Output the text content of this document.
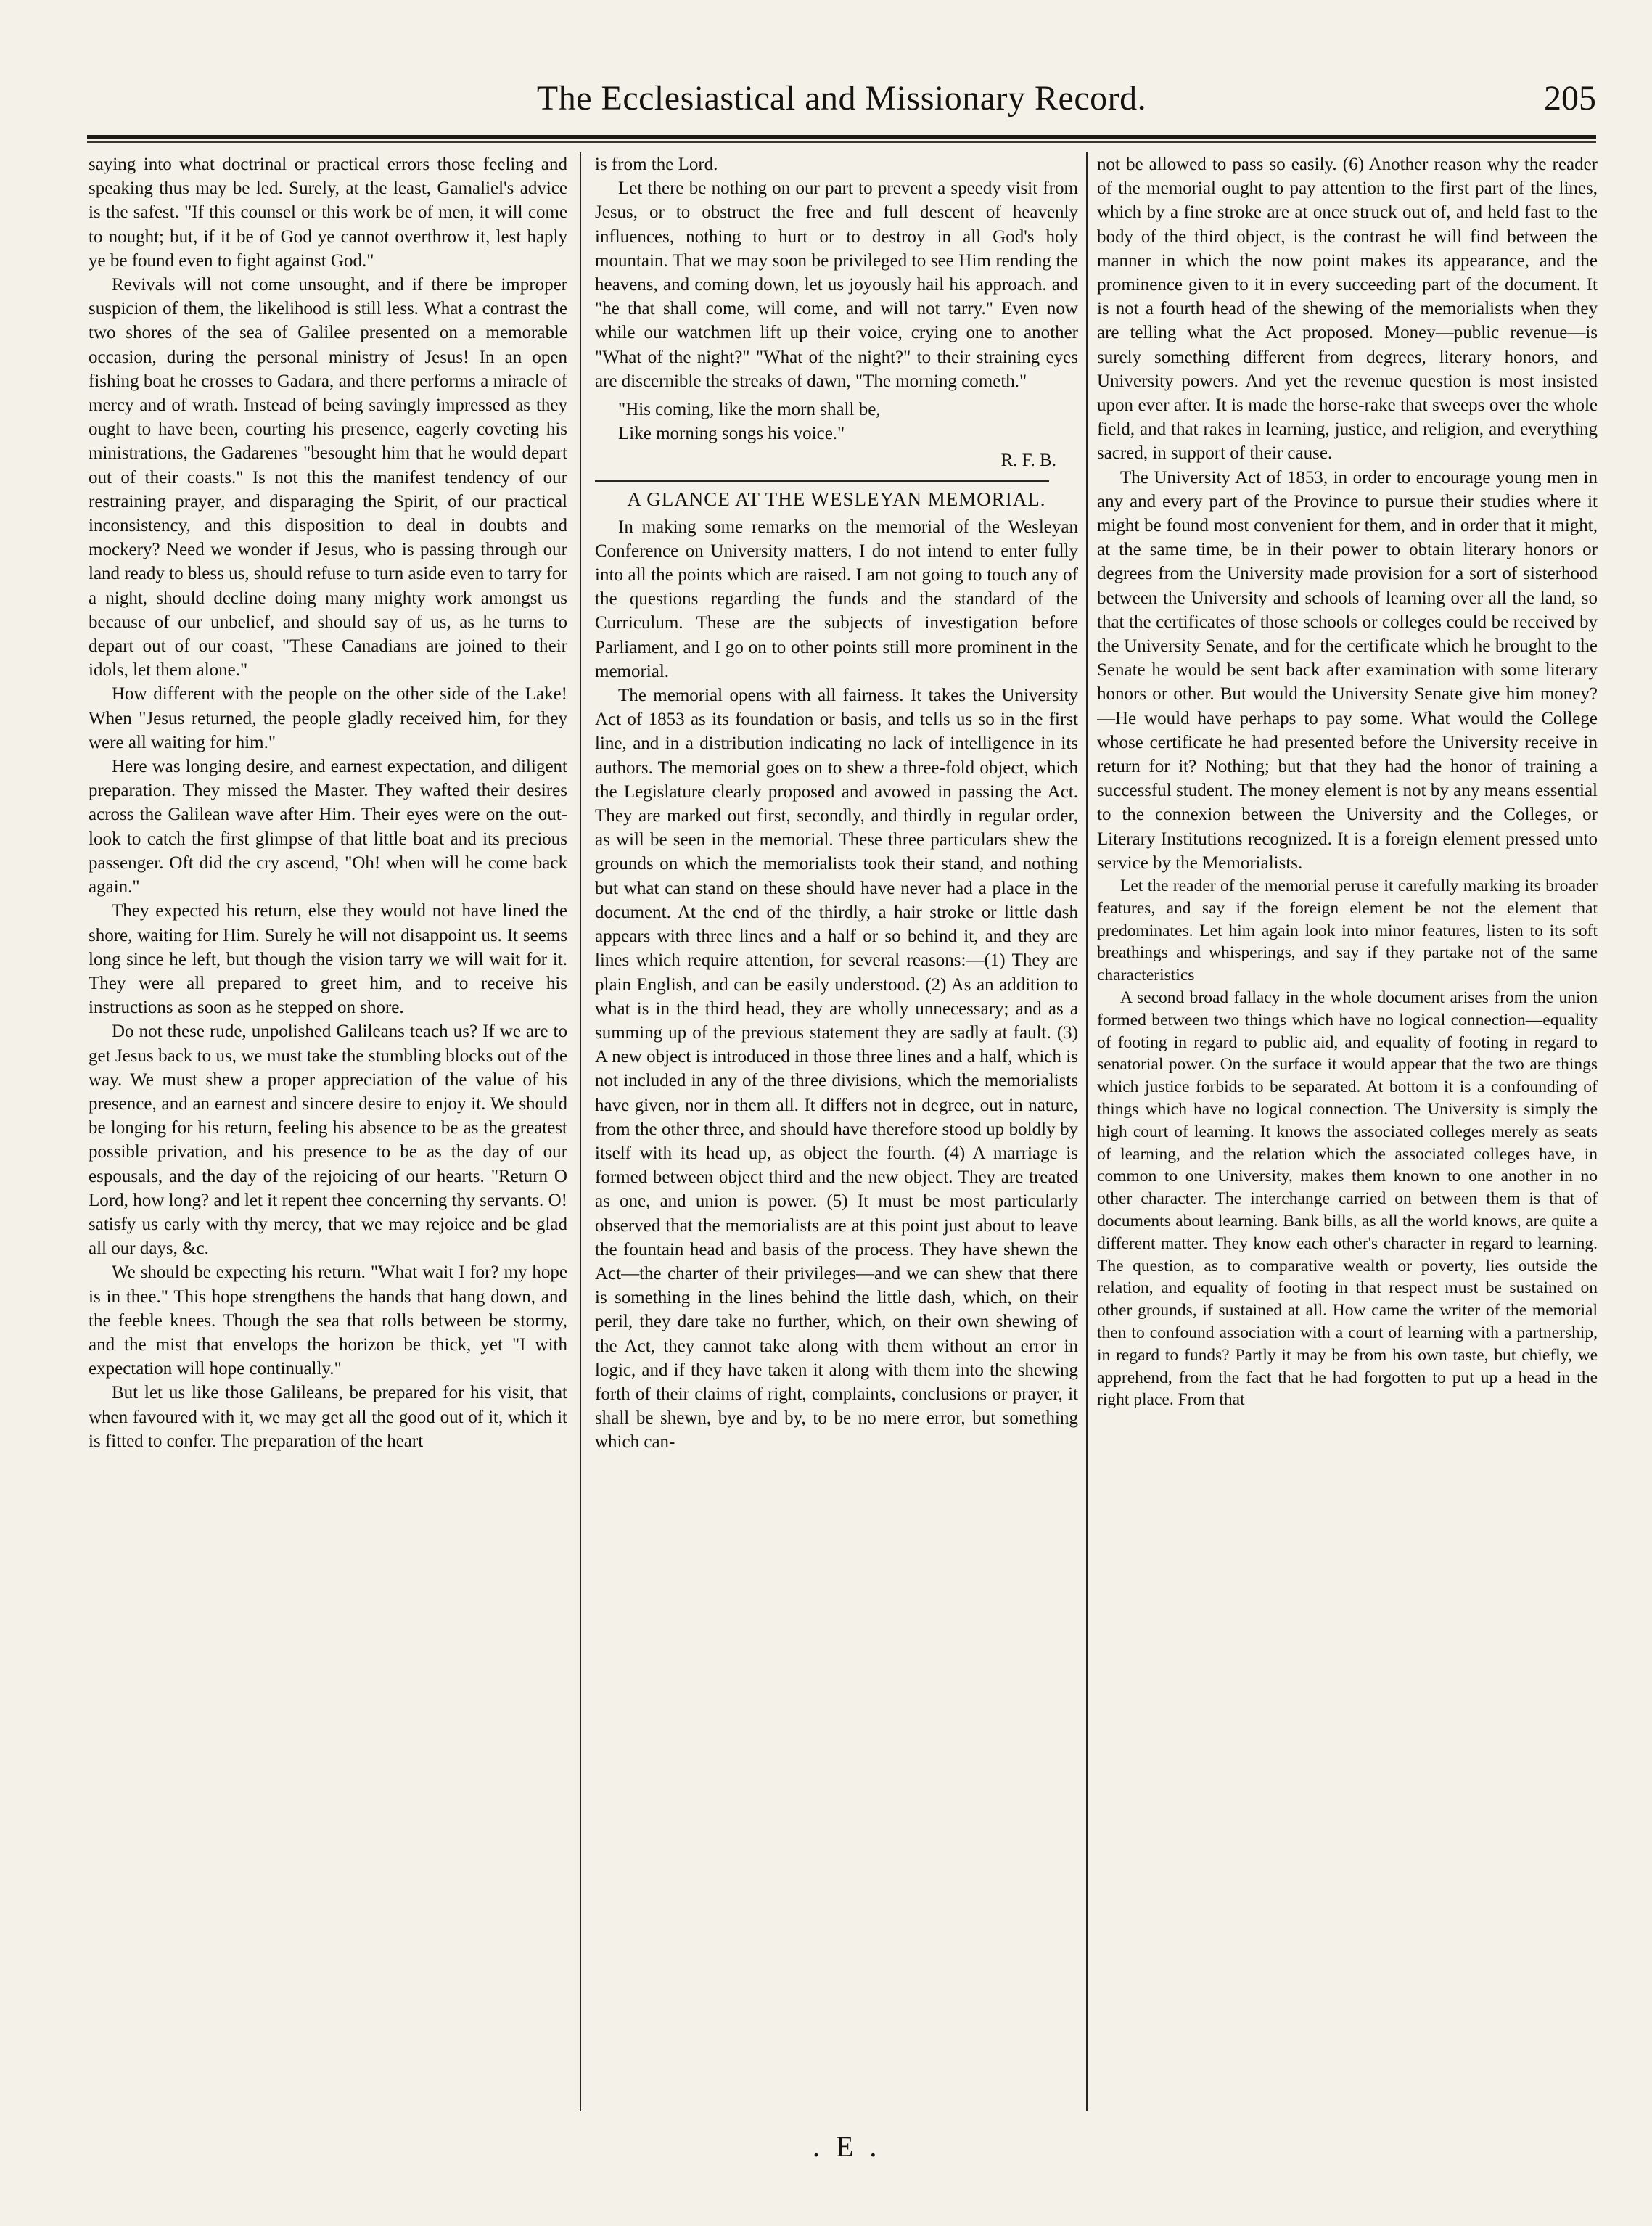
The Ecclesiastical and Missionary Record.	205

saying into what doctrinal or practical errors those feeling and speaking thus may be led. Surely, at the least, Gamaliel's advice is the safest. "If this counsel or this work be of men, it will come to nought; but, if it be of God ye cannot overthrow it, lest haply ye be found even to fight against God."

Revivals will not come unsought, and if there be improper suspicion of them, the likelihood is still less. What a contrast the two shores of the sea of Galilee presented on a memorable occasion, during the personal ministry of Jesus! In an open fishing boat he crosses to Gadara, and there performs a miracle of mercy and of wrath. Instead of being savingly impressed as they ought to have been, courting his presence, eagerly coveting his ministrations, the Gadarenes "besought him that he would depart out of their coasts." Is not this the manifest tendency of our restraining prayer, and disparaging the Spirit, of our practical inconsistency, and this disposition to deal in doubts and mockery? Need we wonder if Jesus, who is passing through our land ready to bless us, should refuse to turn aside even to tarry for a night, should decline doing many mighty work amongst us because of our unbelief, and should say of us, as he turns to depart out of our coast, "These Canadians are joined to their idols, let them alone."

How different with the people on the other side of the Lake! When "Jesus returned, the people gladly received him, for they were all waiting for him."

Here was longing desire, and earnest expectation, and diligent preparation. They missed the Master. They wafted their desires across the Galilean wave after Him. Their eyes were on the out-look to catch the first glimpse of that little boat and its precious passenger. Oft did the cry ascend, "Oh! when will he come back again."

They expected his return, else they would not have lined the shore, waiting for Him. Surely he will not disappoint us. It seems long since he left, but though the vision tarry we will wait for it. They were all prepared to greet him, and to receive his instructions as soon as he stepped on shore.

Do not these rude, unpolished Galileans teach us? If we are to get Jesus back to us, we must take the stumbling blocks out of the way. We must shew a proper appreciation of the value of his presence, and an earnest and sincere desire to enjoy it. We should be longing for his return, feeling his absence to be as the greatest possible privation, and his presence to be as the day of our espousals, and the day of the rejoicing of our hearts. "Return O Lord, how long? and let it repent thee concerning thy servants. O! satisfy us early with thy mercy, that we may rejoice and be glad all our days, &c.

We should be expecting his return. "What wait I for? my hope is in thee." This hope strengthens the hands that hang down, and the feeble knees. Though the sea that rolls between be stormy, and the mist that envelops the horizon be thick, yet "I with expectation will hope continually."

But let us like those Galileans, be prepared for his visit, that when favoured with it, we may get all the good out of it, which it is fitted to confer. The preparation of the heart

is from the Lord.

Let there be nothing on our part to prevent a speedy visit from Jesus, or to obstruct the free and full descent of heavenly influences, nothing to hurt or to destroy in all God's holy mountain. That we may soon be privileged to see Him rending the heavens, and coming down, let us joyously hail his approach. and "he that shall come, will come, and will not tarry." Even now while our watchmen lift up their voice, crying one to another "What of the night?" "What of the night?" to their straining eyes are discernible the streaks of dawn, "The morning cometh."

"His coming, like the morn shall be,
Like morning songs his voice."
R. F. B.
A GLANCE AT THE WESLEYAN MEMORIAL.

In making some remarks on the memorial of the Wesleyan Conference on University matters, I do not intend to enter fully into all the points which are raised. I am not going to touch any of the questions regarding the funds and the standard of the Curriculum. These are the subjects of investigation before Parliament, and I go on to other points still more prominent in the memorial.

The memorial opens with all fairness. It takes the University Act of 1853 as its foundation or basis, and tells us so in the first line, and in a distribution indicating no lack of intelligence in its authors. The memorial goes on to shew a three-fold object, which the Legislature clearly proposed and avowed in passing the Act. They are marked out first, secondly, and thirdly in regular order, as will be seen in the memorial. These three particulars shew the grounds on which the memorialists took their stand, and nothing but what can stand on these should have never had a place in the document. At the end of the thirdly, a hair stroke or little dash appears with three lines and a half or so behind it, and they are lines which require attention, for several reasons:—(1) They are plain English, and can be easily understood. (2) As an addition to what is in the third head, they are wholly unnecessary; and as a summing up of the previous statement they are sadly at fault. (3) A new object is introduced in those three lines and a half, which is not included in any of the three divisions, which the memorialists have given, nor in them all. It differs not in degree, out in nature, from the other three, and should have therefore stood up boldly by itself with its head up, as object the fourth. (4) A marriage is formed between object third and the new object. They are treated as one, and union is power. (5) It must be most particularly observed that the memorialists are at this point just about to leave the fountain head and basis of the process. They have shewn the Act—the charter of their privileges—and we can shew that there is something in the lines behind the little dash, which, on their peril, they dare take no further, which, on their own shewing of the Act, they cannot take along with them without an error in logic, and if they have taken it along with them into the shewing forth of their claims of right, complaints, conclusions or prayer, it shall be shewn, bye and by, to be no mere error, but something which can-

not be allowed to pass so easily. (6) Another reason why the reader of the memorial ought to pay attention to the first part of the lines, which by a fine stroke are at once struck out of, and held fast to the body of the third object, is the contrast he will find between the manner in which the now point makes its appearance, and the prominence given to it in every succeeding part of the document. It is not a fourth head of the shewing of the memorialists when they are telling what the Act proposed. Money—public revenue—is surely something different from degrees, literary honors, and University powers. And yet the revenue question is most insisted upon ever after. It is made the horse-rake that sweeps over the whole field, and that rakes in learning, justice, and religion, and everything sacred, in support of their cause.

The University Act of 1853, in order to encourage young men in any and every part of the Province to pursue their studies where it might be found most convenient for them, and in order that it might, at the same time, be in their power to obtain literary honors or degrees from the University made provision for a sort of sisterhood between the University and schools of learning over all the land, so that the certificates of those schools or colleges could be received by the University Senate, and for the certificate which he brought to the Senate he would be sent back after examination with some literary honors or other. But would the University Senate give him money?—He would have perhaps to pay some. What would the College whose certificate he had presented before the University receive in return for it? Nothing; but that they had the honor of training a successful student. The money element is not by any means essential to the connexion between the University and the Colleges, or Literary Institutions recognized. It is a foreign element pressed unto service by the Memorialists.

Let the reader of the memorial peruse it carefully marking its broader features, and say if the foreign element be not the element that predominates. Let him again look into minor features, listen to its soft breathings and whisperings, and say if they partake not of the same characteristics

A second broad fallacy in the whole document arises from the union formed between two things which have no logical connection—equality of footing in regard to public aid, and equality of footing in regard to senatorial power. On the surface it would appear that the two are things which justice forbids to be separated. At bottom it is a confounding of things which have no logical connection. The University is simply the high court of learning. It knows the associated colleges merely as seats of learning, and the relation which the associated colleges have, in common to one University, makes them known to one another in no other character. The interchange carried on between them is that of documents about learning. Bank bills, as all the world knows, are quite a different matter. They know each other's character in regard to learning. The question, as to comparative wealth or poverty, lies outside the relation, and equality of footing in that respect must be sustained on other grounds, if sustained at all. How came the writer of the memorial then to confound association with a court of learning with a partnership, in regard to funds? Partly it may be from his own taste, but chiefly, we apprehend, from the fact that he had forgotten to put up a head in the right place. From that

. E .
